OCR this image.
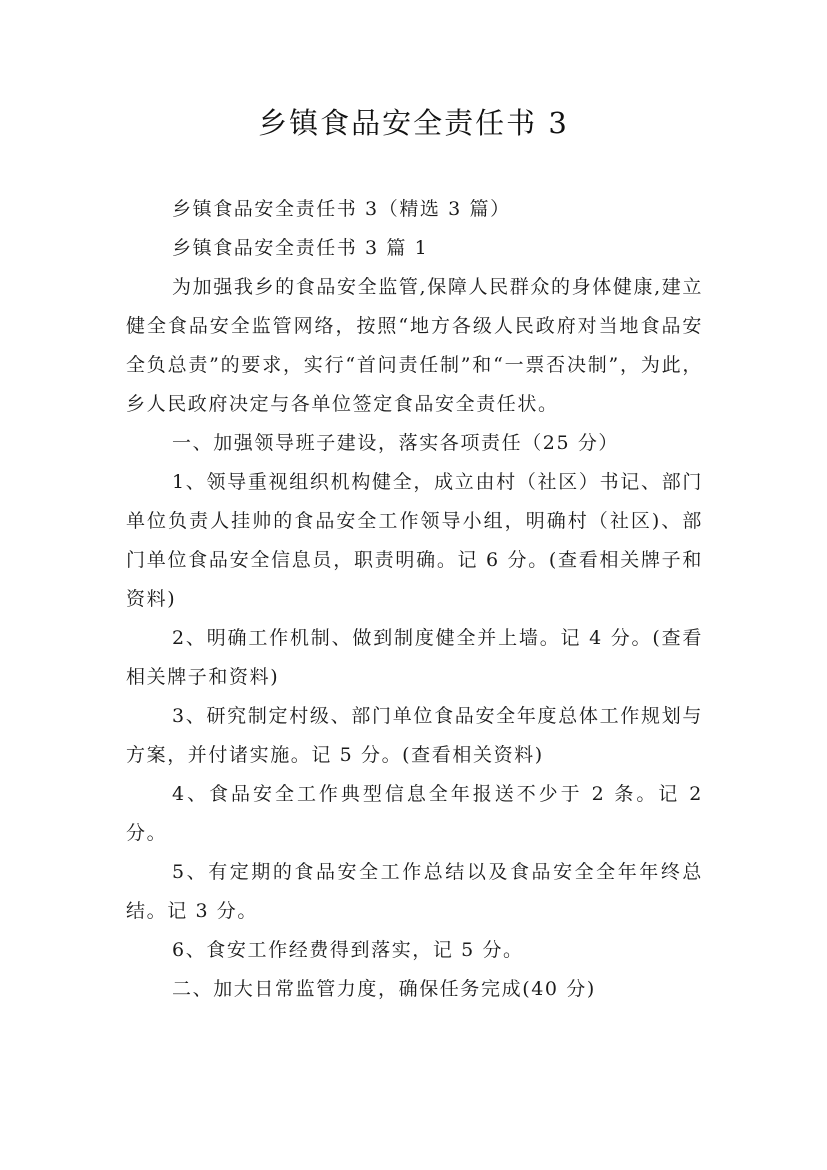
乡镇食品安全责任书 3

乡镇食品安全责任书 3（精选 3 篇）

乡镇食品安全责任书 3 篇 1

为加强我乡的食品安全监管,保障人民群众的身体健康,建立健全食品安全监管网络，按照“地方各级人民政府对当地食品安全负总责”的要求，实行“首问责任制”和“一票否决制”，为此，乡人民政府决定与各单位签定食品安全责任状。

一、加强领导班子建设，落实各项责任（25 分）

1、领导重视组织机构健全，成立由村（社区）书记、部门单位负责人挂帅的食品安全工作领导小组，明确村（社区)、部门单位食品安全信息员，职责明确。记 6 分。(查看相关牌子和资料)

2、明确工作机制、做到制度健全并上墙。记 4 分。(查看相关牌子和资料)

3、研究制定村级、部门单位食品安全年度总体工作规划与方案，并付诸实施。记 5 分。(查看相关资料)

4、食品安全工作典型信息全年报送不少于 2 条。记 2 分。

5、有定期的食品安全工作总结以及食品安全全年年终总结。记 3 分。

6、食安工作经费得到落实，记 5 分。

二、加大日常监管力度，确保任务完成(40 分)
